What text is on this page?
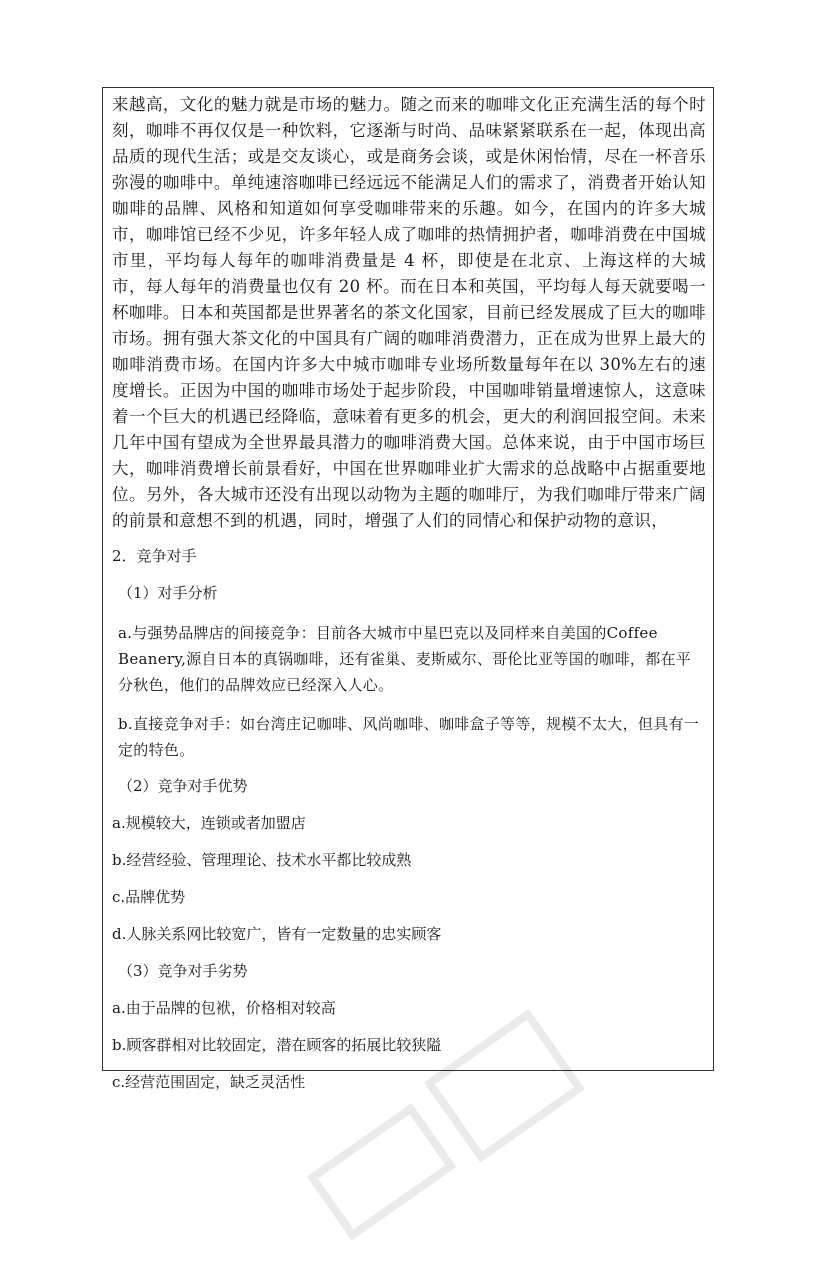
来越高，文化的魅力就是市场的魅力。随之而来的咖啡文化正充满生活的每个时刻，咖啡不再仅仅是一种饮料，它逐渐与时尚、品味紧紧联系在一起，体现出高品质的现代生活；或是交友谈心，或是商务会谈，或是休闲怡情，尽在一杯音乐弥漫的咖啡中。单纯速溶咖啡已经远远不能满足人们的需求了，消费者开始认知咖啡的品牌、风格和知道如何享受咖啡带来的乐趣。如今，在国内的许多大城市，咖啡馆已经不少见，许多年轻人成了咖啡的热情拥护者，咖啡消费在中国城市里，平均每人每年的咖啡消费量是 4 杯，即使是在北京、上海这样的大城市，每人每年的消费量也仅有 20 杯。而在日本和英国，平均每人每天就要喝一杯咖啡。日本和英国都是世界著名的茶文化国家，目前已经发展成了巨大的咖啡市场。拥有强大茶文化的中国具有广阔的咖啡消费潜力，正在成为世界上最大的咖啡消费市场。在国内许多大中城市咖啡专业场所数量每年在以 30%左右的速度增长。正因为中国的咖啡市场处于起步阶段，中国咖啡销量增速惊人，这意味着一个巨大的机遇已经降临，意味着有更多的机会，更大的利润回报空间。未来几年中国有望成为全世界最具潜力的咖啡消费大国。总体来说，由于中国市场巨大，咖啡消费增长前景看好，中国在世界咖啡业扩大需求的总战略中占据重要地位。另外，各大城市还没有出现以动物为主题的咖啡厅，为我们咖啡厅带来广阔的前景和意想不到的机遇，同时，增强了人们的同情心和保护动物的意识，

2．竞争对手

（1）对手分析

a.与强势品牌店的间接竞争：目前各大城市中星巴克以及同样来自美国的Coffee Beanery,源自日本的真锅咖啡，还有雀巢、麦斯威尔、哥伦比亚等国的咖啡，都在平分秋色，他们的品牌效应已经深入人心。

b.直接竞争对手：如台湾庄记咖啡、风尚咖啡、咖啡盒子等等，规模不太大，但具有一定的特色。

（2）竞争对手优势

a.规模较大，连锁或者加盟店

b.经营经验、管理理论、技术水平都比较成熟

c.品牌优势

d.人脉关系网比较宽广，皆有一定数量的忠实顾客

（3）竞争对手劣势

a.由于品牌的包袱，价格相对较高

b.顾客群相对比较固定，潜在顾客的拓展比较狭隘

c.经营范围固定，缺乏灵活性
